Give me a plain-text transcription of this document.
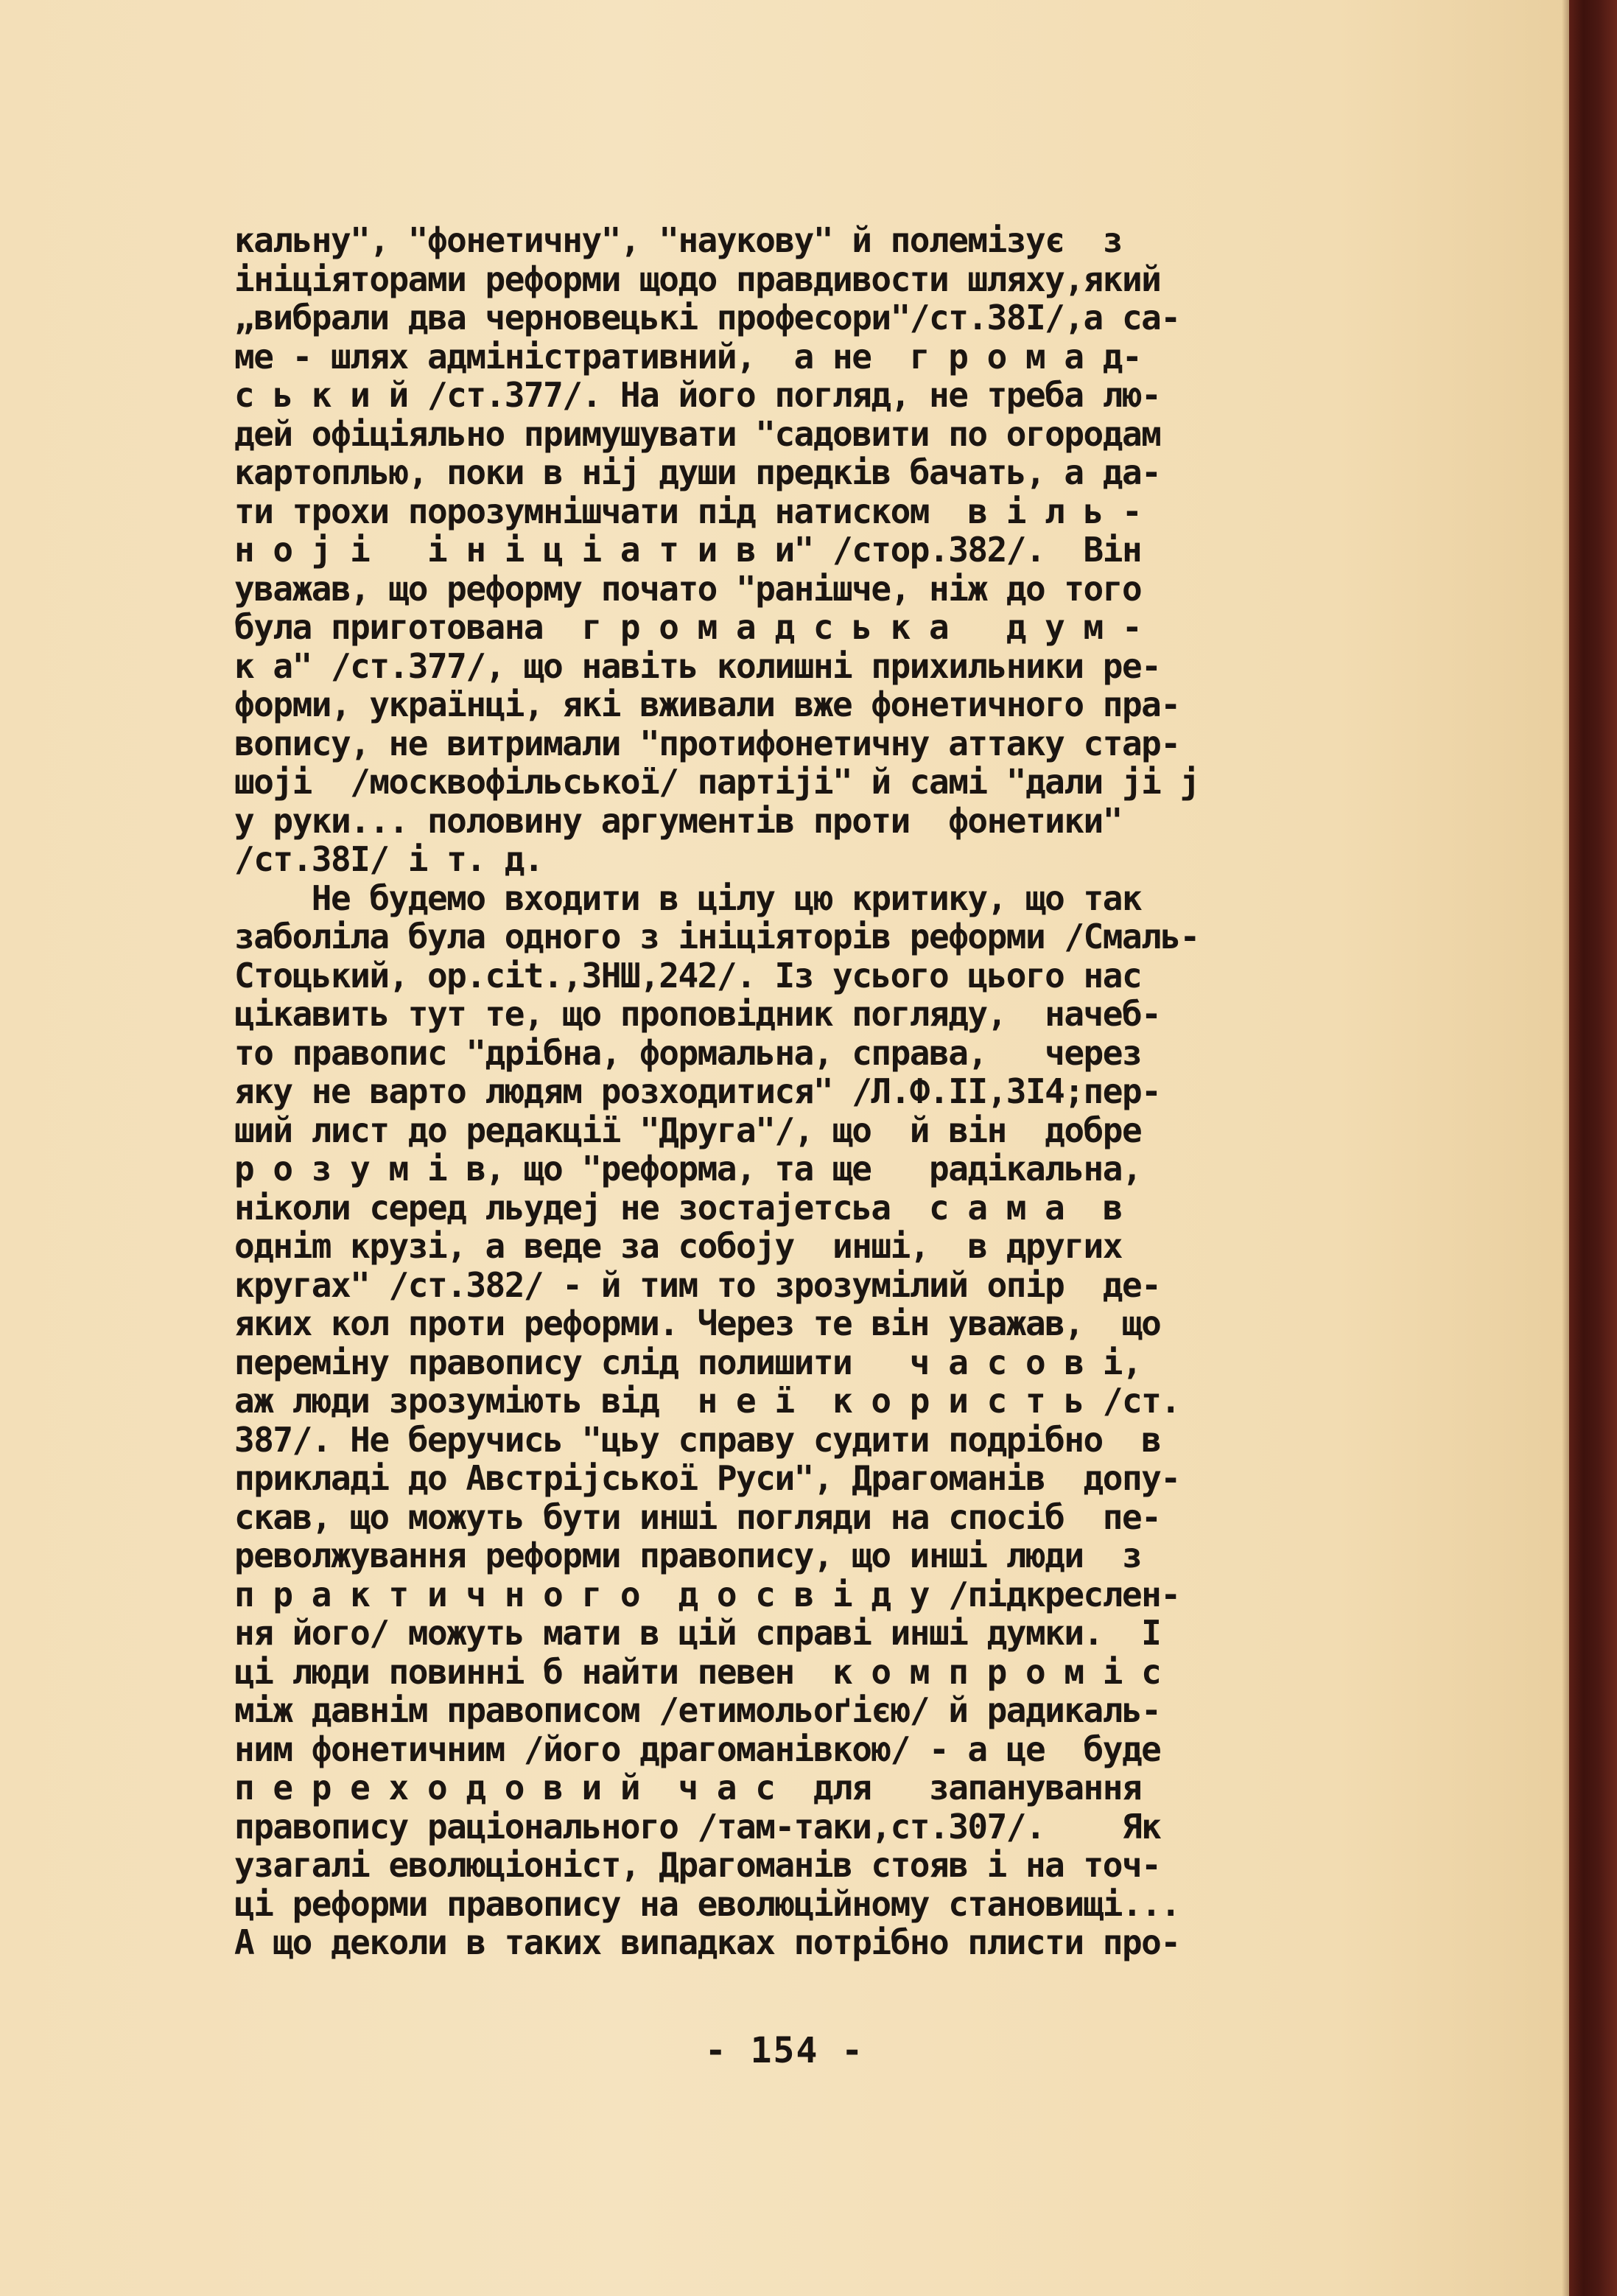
кальну", "фонетичну", "наукову" й полемізує  з
ініціяторами реформи щодо правдивости шляху,який
„вибрали два черновецькі професори"/ст.38I/,а са-
ме - шлях адміністративний,  а не  г р о м а д-
с ь к и й /ст.377/. На його погляд, не треба лю-
дей офіціяльно примушувати "садовити по огородам
картоплью, поки в ніј души предків бачать, а да-
ти трохи порозумнішчати під натиском  в і л ь -
н о ј і   і н і ц і а т и в и" /стор.382/.  Він
уважав, що реформу почато "ранішче, ніж до того
була приготована  г р о м а д с ь к а   д у м -
к а" /ст.377/, що навіть колишні прихильники ре-
форми, українці, які вживали вже фонетичного пра-
вопису, не витримали "протифонетичну аттаку стар-
шојі  /москвофільської/ партіјі" й самі "дали јі ј
у руки... половину аргументів проти  фонетики"
/ст.38I/ і т. д.
Не будемо входити в цілу цю критику, що так
заболіла була одного з ініціяторів реформи /Смаль-
Стоцький, op.cit.,ЗНШ,242/. Із усього цього нас
цікавить тут те, що проповідник погляду,  начеб-
то правопис "дрібна, формальна, справа,   через
яку не варто людям розходитися" /Л.Ф.II,3I4;пер-
ший лист до редакції "Друга"/, що  й він  добре
р о з у м і в, що "реформа, та ще   радікальна,
ніколи серед льудеј не зостајетсьа  с а м а  в
одніm крузі, а веде за собоју  инші,  в других
кругах" /ст.382/ - й тим то зрозумілий опір  де-
яких кол проти реформи. Через те він уважав,  що
переміну правопису слід полишити   ч а с о в і,
аж люди зрозуміють від  н е ї  к о р и с т ь /ст.
387/. Не беручись "цьу справу судити подрібно  в
прикладі до Австріјської Руси", Драгоманів  допу-
скав, що можуть бути инші погляди на спосіб  пе-
револжування реформи правопису, що инші люди  з
п р а к т и ч н о г о  д о с в і д у /підкреслен-
ня його/ можуть мати в цій справі инші думки.  І
ці люди повинні б найти певен  к о м п р о м і с
між давнім правописом /етимольоґією/ й радикаль-
ним фонетичним /його драгоманівкою/ - а це  буде
п е р е х о д о в и й  ч а с  для   запанування
правопису раціонального /там-таки,ст.307/.    Як
узагалі еволюціоніст, Драгоманів стояв і на точ-
ці реформи правопису на еволюційному становищі...
А що деколи в таких випадках потрібно плисти про-
- 154 -
